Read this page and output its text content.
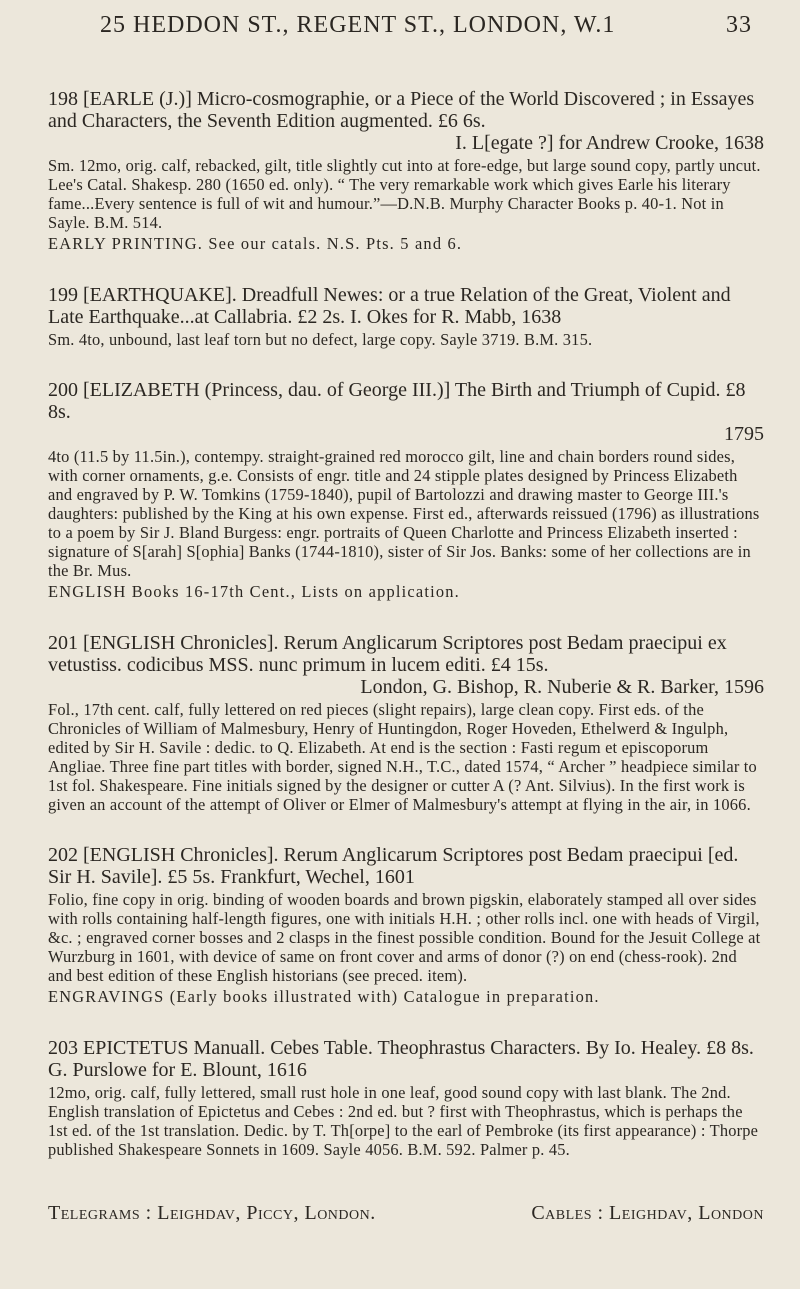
25 HEDDON ST., REGENT ST., LONDON, W.1	33
198 [EARLE (J.)] Micro-cosmographie, or a Piece of the World Discovered ; in Essayes and Characters, the Seventh Edition augmented. £6 6s.
I. L[egate ?] for Andrew Crooke, 1638
Sm. 12mo, orig. calf, rebacked, gilt, title slightly cut into at fore-edge, but large sound copy, partly uncut. Lee's Catal. Shakesp. 280 (1650 ed. only). “ The very remarkable work which gives Earle his literary fame...Every sentence is full of wit and humour.”—D.N.B. Murphy Character Books p. 40-1. Not in Sayle. B.M. 514.
EARLY PRINTING. See our catals. N.S. Pts. 5 and 6.
199 [EARTHQUAKE]. Dreadfull Newes: or a true Relation of the Great, Violent and Late Earthquake...at Callabria. £2 2s. I. Okes for R. Mabb, 1638
Sm. 4to, unbound, last leaf torn but no defect, large copy. Sayle 3719. B.M. 315.
200 [ELIZABETH (Princess, dau. of George III.)] The Birth and Triumph of Cupid. £8 8s.
1795
4to (11.5 by 11.5in.), contempy. straight-grained red morocco gilt, line and chain borders round sides, with corner ornaments, g.e. Consists of engr. title and 24 stipple plates designed by Princess Elizabeth and engraved by P. W. Tomkins (1759-1840), pupil of Bartolozzi and drawing master to George III.'s daughters: published by the King at his own expense. First ed., afterwards reissued (1796) as illustrations to a poem by Sir J. Bland Burgess: engr. portraits of Queen Charlotte and Princess Elizabeth inserted : signature of S[arah] S[ophia] Banks (1744-1810), sister of Sir Jos. Banks: some of her collections are in the Br. Mus.
ENGLISH Books 16-17th Cent., Lists on application.
201 [ENGLISH Chronicles]. Rerum Anglicarum Scriptores post Bedam praecipui ex vetustiss. codicibus MSS. nunc primum in lucem editi. £4 15s.
London, G. Bishop, R. Nuberie & R. Barker, 1596
Fol., 17th cent. calf, fully lettered on red pieces (slight repairs), large clean copy. First eds. of the Chronicles of William of Malmesbury, Henry of Huntingdon, Roger Hoveden, Ethelwerd & Ingulph, edited by Sir H. Savile : dedic. to Q. Elizabeth. At end is the section : Fasti regum et episcoporum Angliae. Three fine part titles with border, signed N.H., T.C., dated 1574, “ Archer ” headpiece similar to 1st fol. Shakespeare. Fine initials signed by the designer or cutter A (? Ant. Silvius). In the first work is given an account of the attempt of Oliver or Elmer of Malmesbury's attempt at flying in the air, in 1066.
202 [ENGLISH Chronicles]. Rerum Anglicarum Scriptores post Bedam praecipui [ed. Sir H. Savile]. £5 5s. Frankfurt, Wechel, 1601
Folio, fine copy in orig. binding of wooden boards and brown pigskin, elaborately stamped all over sides with rolls containing half-length figures, one with initials H.H. ; other rolls incl. one with heads of Virgil, &c. ; engraved corner bosses and 2 clasps in the finest possible condition. Bound for the Jesuit College at Wurzburg in 1601, with device of same on front cover and arms of donor (?) on end (chess-rook). 2nd and best edition of these English historians (see preced. item).
ENGRAVINGS (Early books illustrated with) Catalogue in preparation.
203 EPICTETUS Manuall. Cebes Table. Theophrastus Characters. By Io. Healey. £8 8s. G. Purslowe for E. Blount, 1616
12mo, orig. calf, fully lettered, small rust hole in one leaf, good sound copy with last blank. The 2nd. English translation of Epictetus and Cebes : 2nd ed. but ? first with Theophrastus, which is perhaps the 1st ed. of the 1st translation. Dedic. by T. Th[orpe] to the earl of Pembroke (its first appearance) : Thorpe published Shakespeare Sonnets in 1609. Sayle 4056. B.M. 592. Palmer p. 45.
Telegrams : Leighdav, Piccy, London.	Cables : Leighdav, London
